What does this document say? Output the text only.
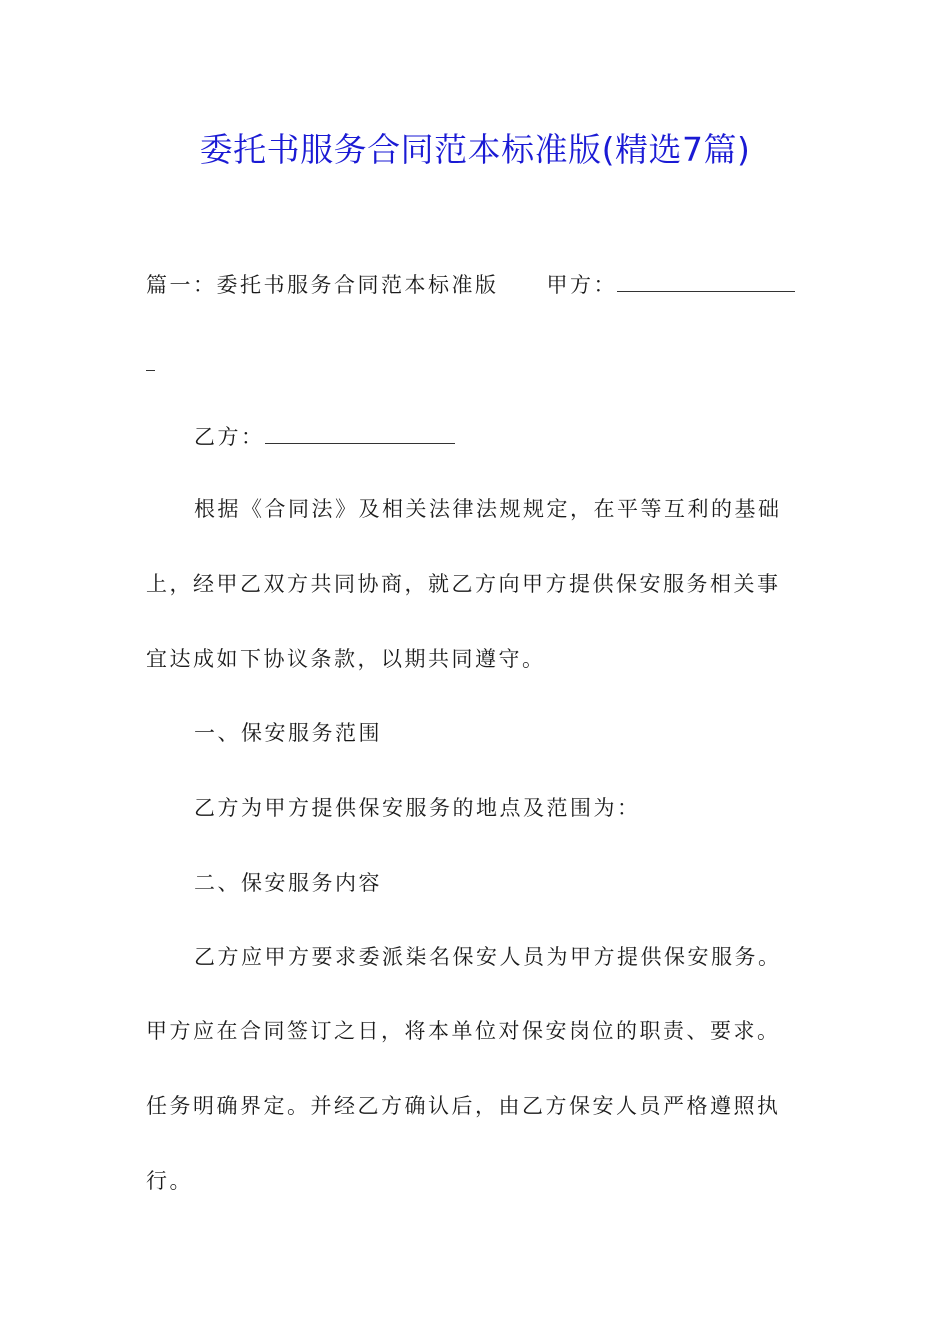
委托书服务合同范本标准版(精选7篇)
篇一：委托书服务合同范本标准版 甲方：
乙方：
根据《合同法》及相关法律法规规定，在平等互利的基础
上，经甲乙双方共同协商，就乙方向甲方提供保安服务相关事
宜达成如下协议条款，以期共同遵守。
一、保安服务范围
乙方为甲方提供保安服务的地点及范围为：
二、保安服务内容
乙方应甲方要求委派柒名保安人员为甲方提供保安服务。
甲方应在合同签订之日，将本单位对保安岗位的职责、要求。
任务明确界定。并经乙方确认后，由乙方保安人员严格遵照执
行。
